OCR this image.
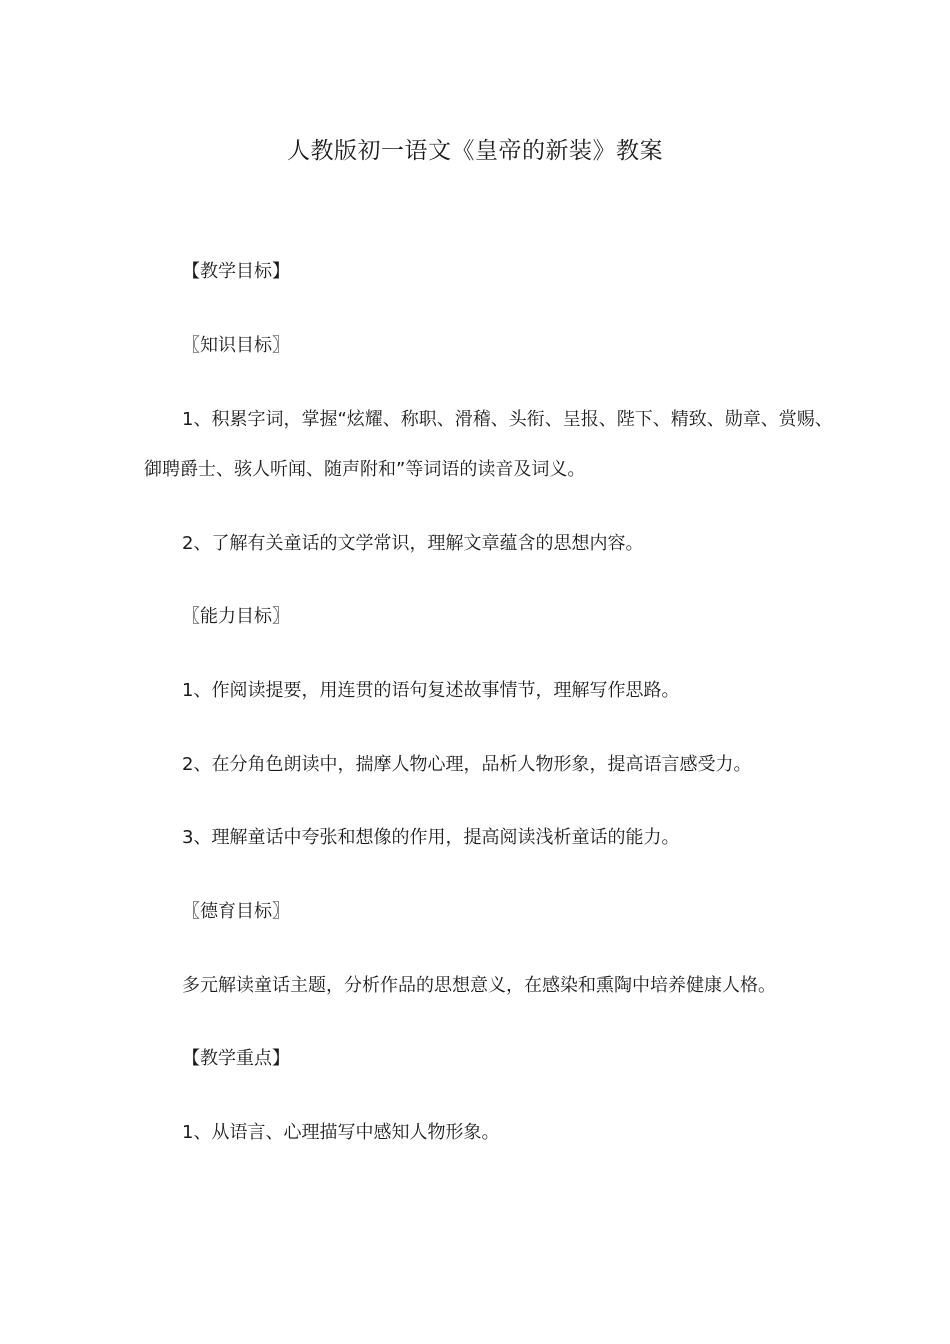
人教版初一语文《皇帝的新装》教案
【教学目标】
〖知识目标〗
1、积累字词，掌握“炫耀、称职、滑稽、头衔、呈报、陛下、精致、勋章、赏赐、
御聘爵士、骇人听闻、随声附和”等词语的读音及词义。
2、了解有关童话的文学常识，理解文章蕴含的思想内容。
〖能力目标〗
1、作阅读提要，用连贯的语句复述故事情节，理解写作思路。
2、在分角色朗读中，揣摩人物心理，品析人物形象，提高语言感受力。
3、理解童话中夸张和想像的作用，提高阅读浅析童话的能力。
〖德育目标〗
多元解读童话主题，分析作品的思想意义，在感染和熏陶中培养健康人格。
【教学重点】
1、从语言、心理描写中感知人物形象。
